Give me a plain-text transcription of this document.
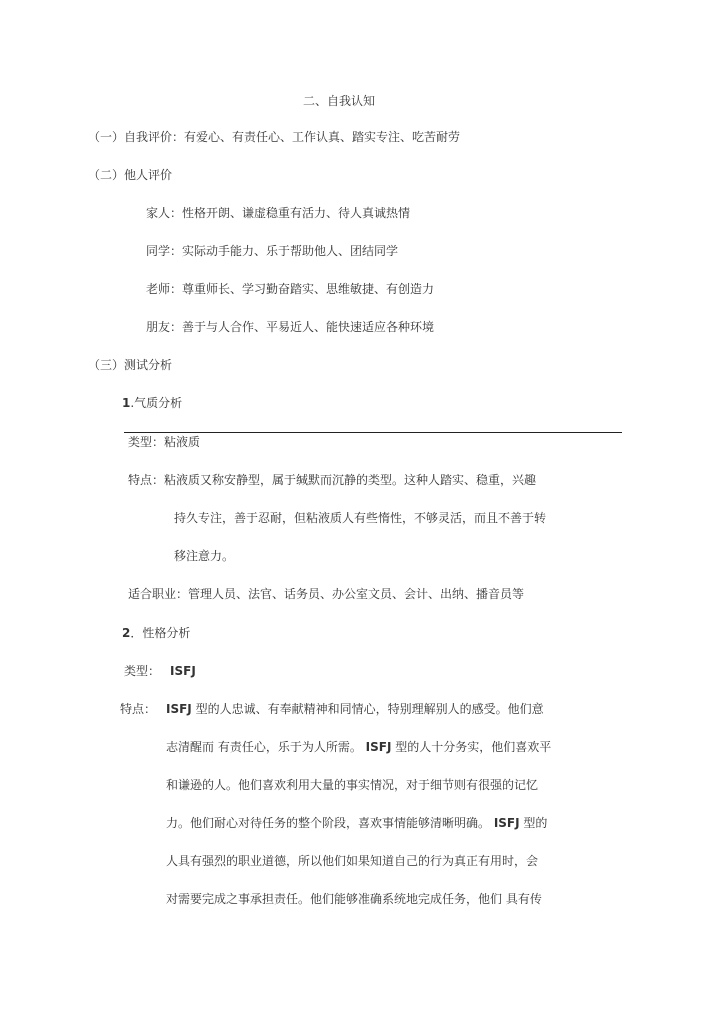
二、自我认知
（一）自我评价：有爱心、有责任心、工作认真、踏实专注、吃苦耐劳
（二）他人评价
家人：性格开朗、谦虚稳重有活力、待人真诚热情
同学：实际动手能力、乐于帮助他人、团结同学
老师：尊重师长、学习勤奋踏实、思维敏捷、有创造力
朋友：善于与人合作、平易近人、能快速适应各种环境
（三）测试分析
1.气质分析
类型：粘液质
特点：粘液质又称安静型，属于缄默而沉静的类型。这种人踏实、稳重，兴趣
持久专注，善于忍耐，但粘液质人有些惰性，不够灵活，而且不善于转
移注意力。
适合职业：管理人员、法官、话务员、办公室文员、会计、出纳、播音员等
2．性格分析
类型： ISFJ
特点： ISFJ 型的人忠诚、有奉献精神和同情心，特别理解别人的感受。他们意
志清醒而 有责任心，乐于为人所需。 ISFJ 型的人十分务实，他们喜欢平
和谦逊的人。他们喜欢利用大量的事实情况，对于细节则有很强的记忆
力。他们耐心对待任务的整个阶段，喜欢事情能够清晰明确。 ISFJ 型的
人具有强烈的职业道德，所以他们如果知道自己的行为真正有用时，会
对需要完成之事承担责任。他们能够准确系统地完成任务，他们 具有传
